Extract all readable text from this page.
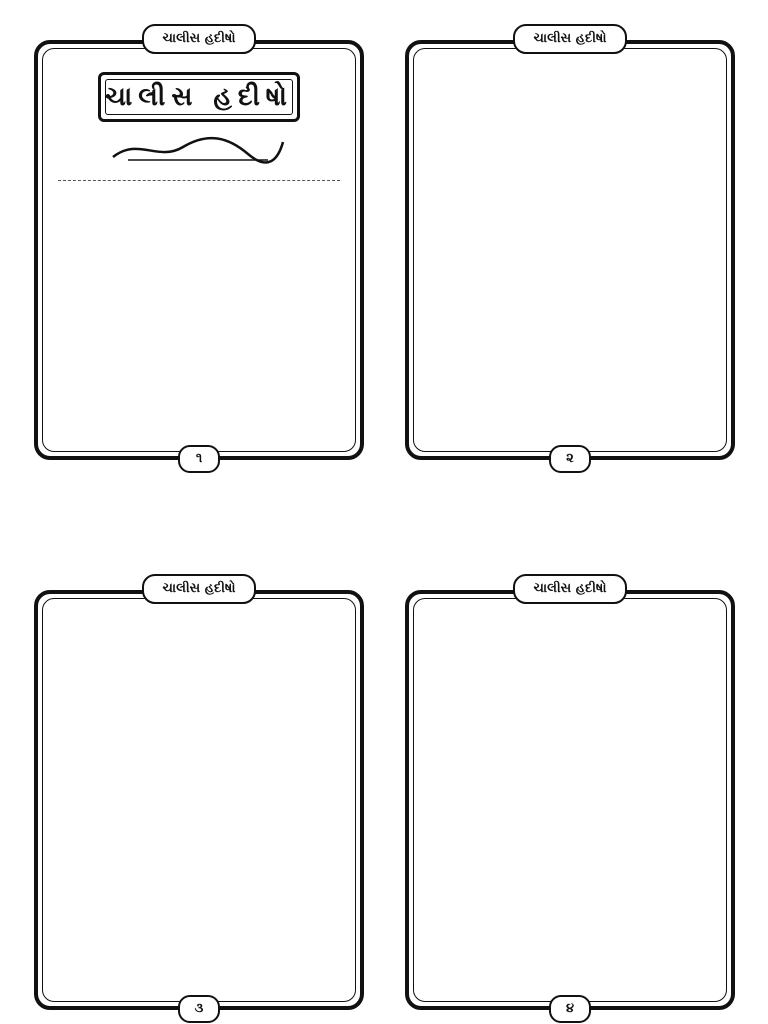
ચાલીસ હદીષો
ચાલીસ હદીષો
૧
ચાલીસ હદીષો
૨
ચાલીસ હદીષો
૩
ચાલીસ હદીષો
૪
